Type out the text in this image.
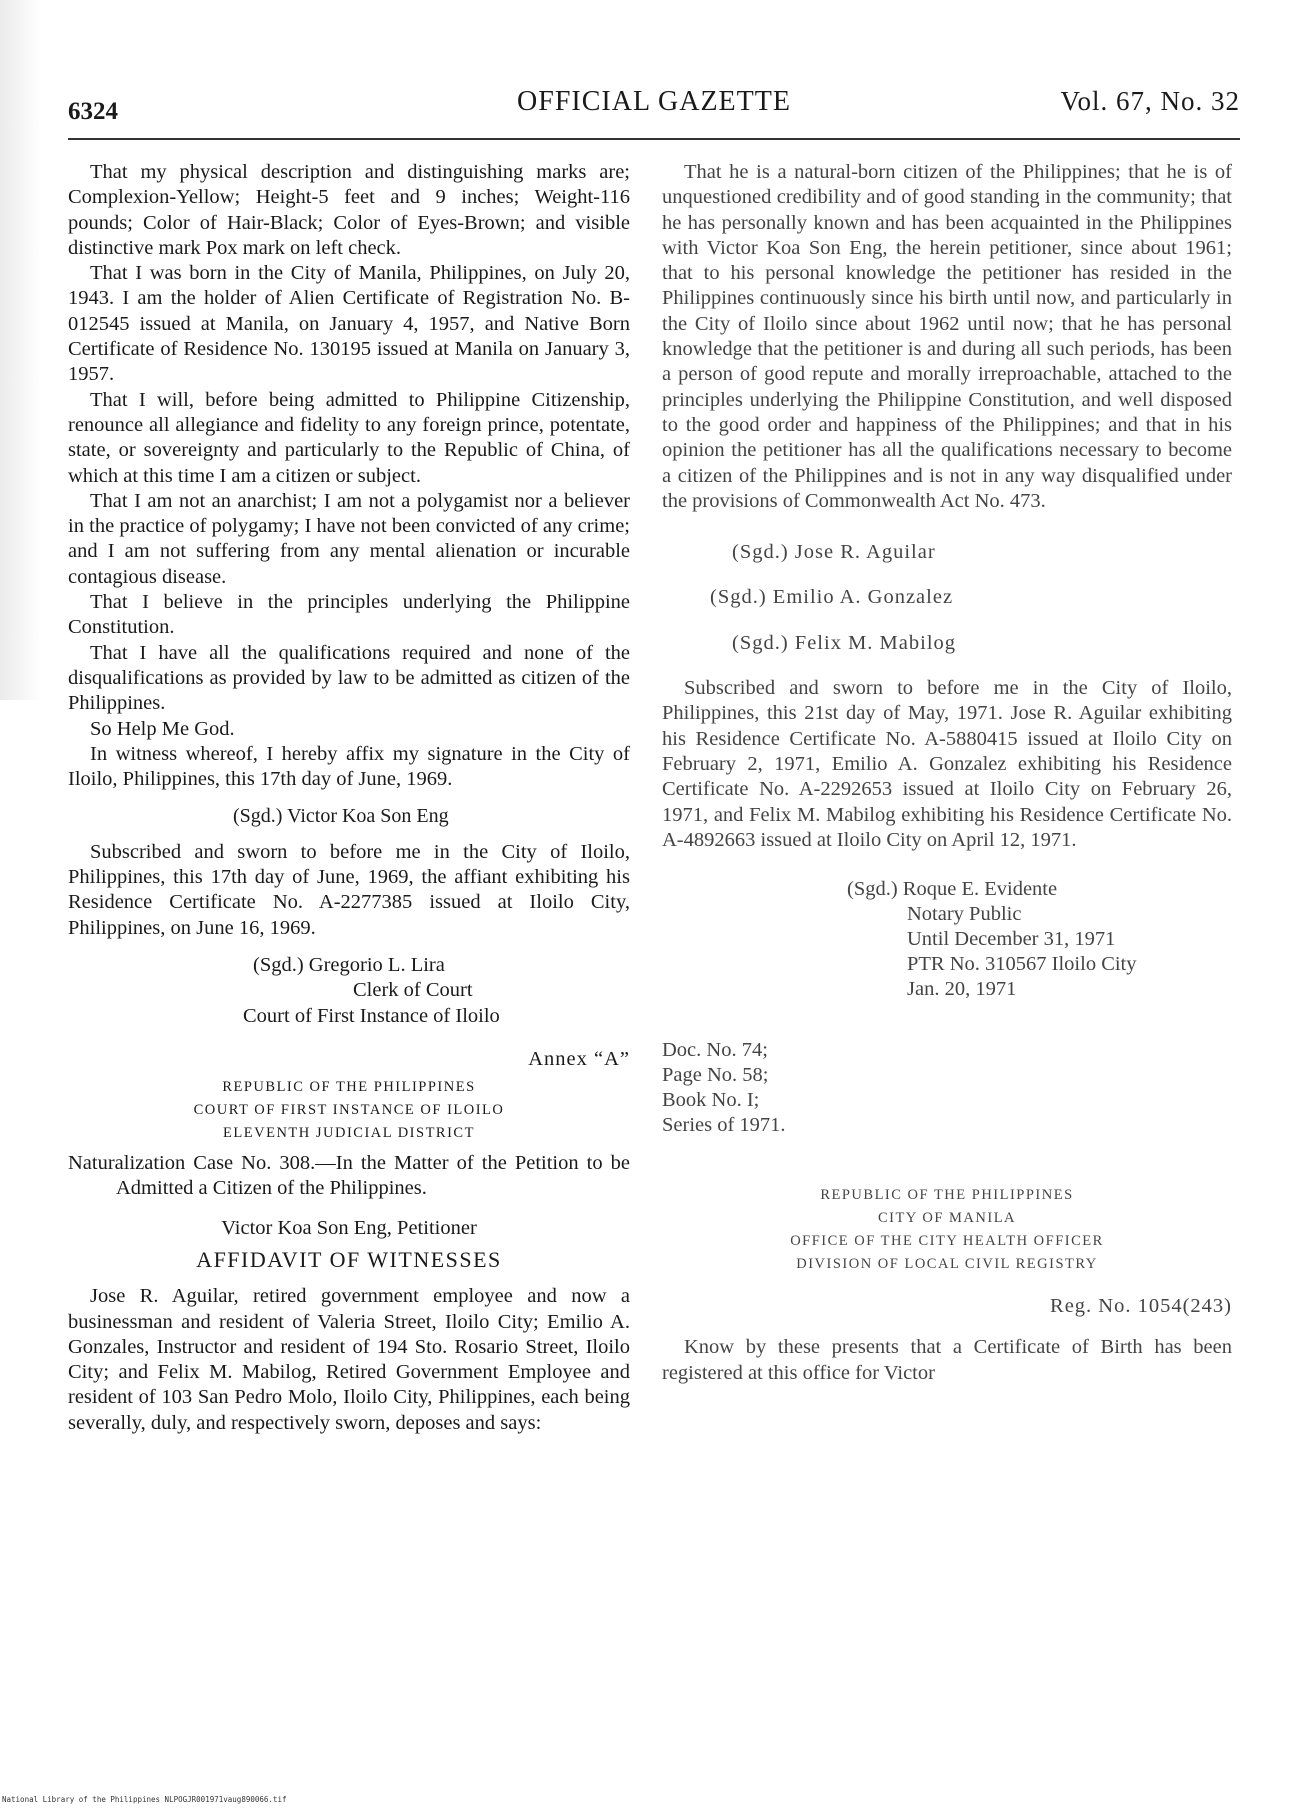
6324	OFFICIAL GAZETTE	Vol. 67, No. 32

That my physical description and distinguishing marks are; Complexion-Yellow; Height-5 feet and 9 inches; Weight-116 pounds; Color of Hair-Black; Color of Eyes-Brown; and visible distinctive mark Pox mark on left check.

That I was born in the City of Manila, Philippines, on July 20, 1943. I am the holder of Alien Certificate of Registration No. B-012545 issued at Manila, on January 4, 1957, and Native Born Certificate of Residence No. 130195 issued at Manila on January 3, 1957.

That I will, before being admitted to Philippine Citizenship, renounce all allegiance and fidelity to any foreign prince, potentate, state, or sovereignty and particularly to the Republic of China, of which at this time I am a citizen or subject.

That I am not an anarchist; I am not a polygamist nor a believer in the practice of polygamy; I have not been convicted of any crime; and I am not suffering from any mental alienation or incurable contagious disease.

That I believe in the principles underlying the Philippine Constitution.

That I have all the qualifications required and none of the disqualifications as provided by law to be admitted as citizen of the Philippines.

So Help Me God.

In witness whereof, I hereby affix my signature in the City of Iloilo, Philippines, this 17th day of June, 1969.

(Sgd.) Victor Koa Son Eng

Subscribed and sworn to before me in the City of Iloilo, Philippines, this 17th day of June, 1969, the affiant exhibiting his Residence Certificate No. A-2277385 issued at Iloilo City, Philippines, on June 16, 1969.

(Sgd.) Gregorio L. Lira
Clerk of Court
Court of First Instance of Iloilo
Annex “A”
REPUBLIC OF THE PHILIPPINES
COURT OF FIRST INSTANCE OF ILOILO
ELEVENTH JUDICIAL DISTRICT

Naturalization Case No. 308.—In the Matter of the Petition to be Admitted a Citizen of the Philippines.

Victor Koa Son Eng, Petitioner
AFFIDAVIT OF WITNESSES

Jose R. Aguilar, retired government employee and now a businessman and resident of Valeria Street, Iloilo City; Emilio A. Gonzales, Instructor and resident of 194 Sto. Rosario Street, Iloilo City; and Felix M. Mabilog, Retired Government Employee and resident of 103 San Pedro Molo, Iloilo City, Philippines, each being severally, duly, and respectively sworn, deposes and says:

That he is a natural-born citizen of the Philippines; that he is of unquestioned credibility and of good standing in the community; that he has personally known and has been acquainted in the Philippines with Victor Koa Son Eng, the herein petitioner, since about 1961; that to his personal knowledge the petitioner has resided in the Philippines continuously since his birth until now, and particularly in the City of Iloilo since about 1962 until now; that he has personal knowledge that the petitioner is and during all such periods, has been a person of good repute and morally irreproachable, attached to the principles underlying the Philippine Constitution, and well disposed to the good order and happiness of the Philippines; and that in his opinion the petitioner has all the qualifications necessary to become a citizen of the Philippines and is not in any way disqualified under the provisions of Commonwealth Act No. 473.

(Sgd.) Jose R. Aguilar
(Sgd.) Emilio A. Gonzalez
(Sgd.) Felix M. Mabilog

Subscribed and sworn to before me in the City of Iloilo, Philippines, this 21st day of May, 1971. Jose R. Aguilar exhibiting his Residence Certificate No. A-5880415 issued at Iloilo City on February 2, 1971, Emilio A. Gonzalez exhibiting his Residence Certificate No. A-2292653 issued at Iloilo City on February 26, 1971, and Felix M. Mabilog exhibiting his Residence Certificate No. A-4892663 issued at Iloilo City on April 12, 1971.

(Sgd.) Roque E. Evidente
Notary Public
Until December 31, 1971
PTR No. 310567 Iloilo City
Jan. 20, 1971
Doc. No. 74;
Page No. 58;
Book No. I;
Series of 1971.
REPUBLIC OF THE PHILIPPINES
CITY OF MANILA
OFFICE OF THE CITY HEALTH OFFICER
DIVISION OF LOCAL CIVIL REGISTRY
Reg. No. 1054(243)

Know by these presents that a Certificate of Birth has been registered at this office for Victor

National Library of the Philippines NLPOGJR001971vaug890066.tif
